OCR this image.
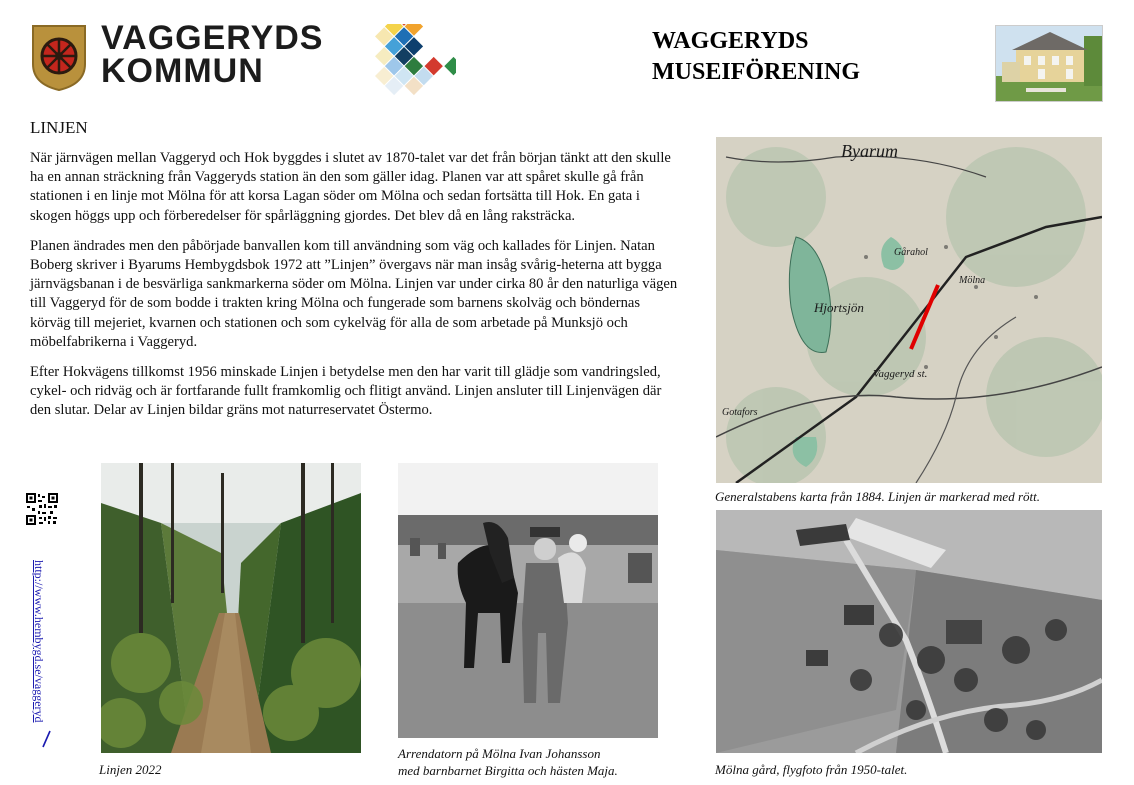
VAGGERYDS
KOMMUN
WAGGERYDS
MUSEIFÖRENING
LINJEN

När järnvägen mellan Vaggeryd och Hok byggdes i slutet av 1870-talet var det från början tänkt att den skulle ha en annan sträckning från Vaggeryds station än den som gäller idag. Planen var att spåret skulle gå från stationen i en linje mot Mölna för att korsa Lagan söder om Mölna och sedan fortsätta till Hok. En gata i skogen höggs upp och förberedelser för spårläggning gjordes. Det blev då en lång raksträcka.

Planen ändrades men den påbörjade banvallen kom till användning som väg och kallades för Linjen. Natan Boberg skriver i Byarums Hembygdsbok 1972 att ”Linjen” övergavs när man insåg svårig-heterna att bygga järnvägsbanan i de besvärliga sankmarkerna söder om Mölna. Linjen var under cirka 80 år den naturliga vägen till Vaggeryd för de som bodde i trakten kring Mölna och fungerade som barnens skolväg och böndernas körväg till mejeriet, kvarnen och stationen och som cykelväg för alla de som arbetade på Munksjö och möbelfabrikerna i Vaggeryd.

Efter Hokvägens tillkomst 1956 minskade Linjen i betydelse men den har varit till glädje som vandringsled, cykel- och ridväg och är fortfarande fullt framkomlig och flitigt använd. Linjen ansluter till Linjenvägen där den slutar. Delar av Linjen bildar gräns mot naturreservatet Östermo.

http://www.hembygd.se/vaggeryd
Linjen 2022
Arrendatorn på Mölna Ivan Johansson
med barnbarnet Birgitta och hästen Maja.
Byarum
Hjortsjön
Mölna
Vaggeryd st.
Gotafors
Gårahol
Generalstabens karta från 1884. Linjen är markerad med rött.
Mölna gård, flygfoto från 1950-talet.
